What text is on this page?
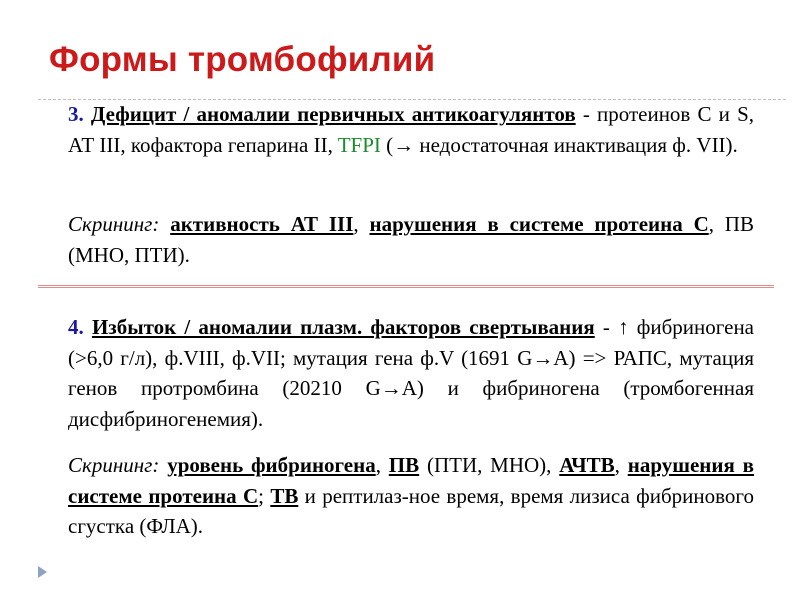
Формы тромбофилий

3. Дефицит / аномалии первичных антикоагулянтов - протеинов С и S, АТ III, кофактора гепарина II, TFPI (→ недостаточная инактивация ф. VII).

Скрининг: активность АТ III, нарушения в системе протеина С, ПВ (МНО, ПТИ).

4. Избыток / аномалии плазм. факторов свертывания - ↑ фибриногена (>6,0 г/л), ф.VIII, ф.VII; мутация гена ф.V (1691 G→A) => РАПС, мутация генов протромбина (20210 G→A) и фибриногена (тромбогенная дисфибриногенемия).

Скрининг: уровень фибриногена, ПВ (ПТИ, МНО), АЧТВ, нарушения в системе протеина С; ТВ и рептилаз-ное время, время лизиса фибринового сгустка (ФЛА).
